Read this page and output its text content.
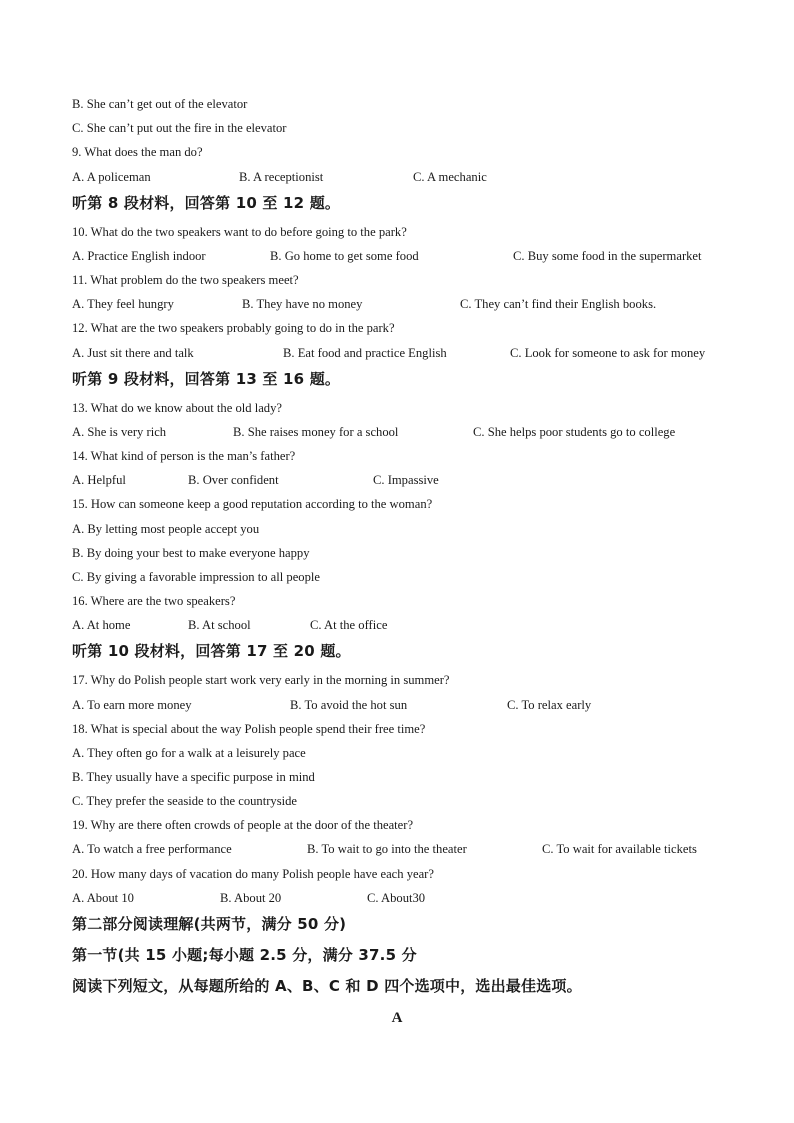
B. She can’t get out of the elevator
C. She can’t put out the fire in the elevator
9. What does the man do?
A. A policeman	B. A receptionist	C. A mechanic
听第 8 段材料，回答第 10 至 12 题。
10. What do the two speakers want to do before going to the park?
A. Practice English indoor	B. Go home to get some food	C. Buy some food in the supermarket
11. What problem do the two speakers meet?
A. They feel hungry	B. They have no money	C. They can’t find their English books.
12. What are the two speakers probably going to do in the park?
A. Just sit there and talk	B. Eat food and practice English	C. Look for someone to ask for money
听第 9 段材料，回答第 13 至 16 题。
13. What do we know about the old lady?
A. She is very rich	B. She raises money for a school	C. She helps poor students go to college
14. What kind of person is the man’s father?
A. Helpful	B. Over confident	C. Impassive
15. How can someone keep a good reputation according to the woman?
A. By letting most people accept you
B. By doing your best to make everyone happy
C. By giving a favorable impression to all people
16. Where are the two speakers?
A. At home	B. At school	C. At the office
听第 10 段材料，回答第 17 至 20 题。
17. Why do Polish people start work very early in the morning in summer?
A. To earn more money	B. To avoid the hot sun	C. To relax early
18. What is special about the way Polish people spend their free time?
A. They often go for a walk at a leisurely pace
B. They usually have a specific purpose in mind
C. They prefer the seaside to the countryside
19. Why are there often crowds of people at the door of the theater?
A. To watch a free performance	B. To wait to go into the theater	C. To wait for available tickets
20. How many days of vacation do many Polish people have each year?
A. About 10	B. About 20	C. About30
第二部分阅读理解(共两节，满分 50 分)
第一节(共 15 小题;每小题 2.5 分，满分 37.5 分
阅读下列短文，从每题所给的 A、B、C 和 D 四个选项中，选出最佳选项。
A
